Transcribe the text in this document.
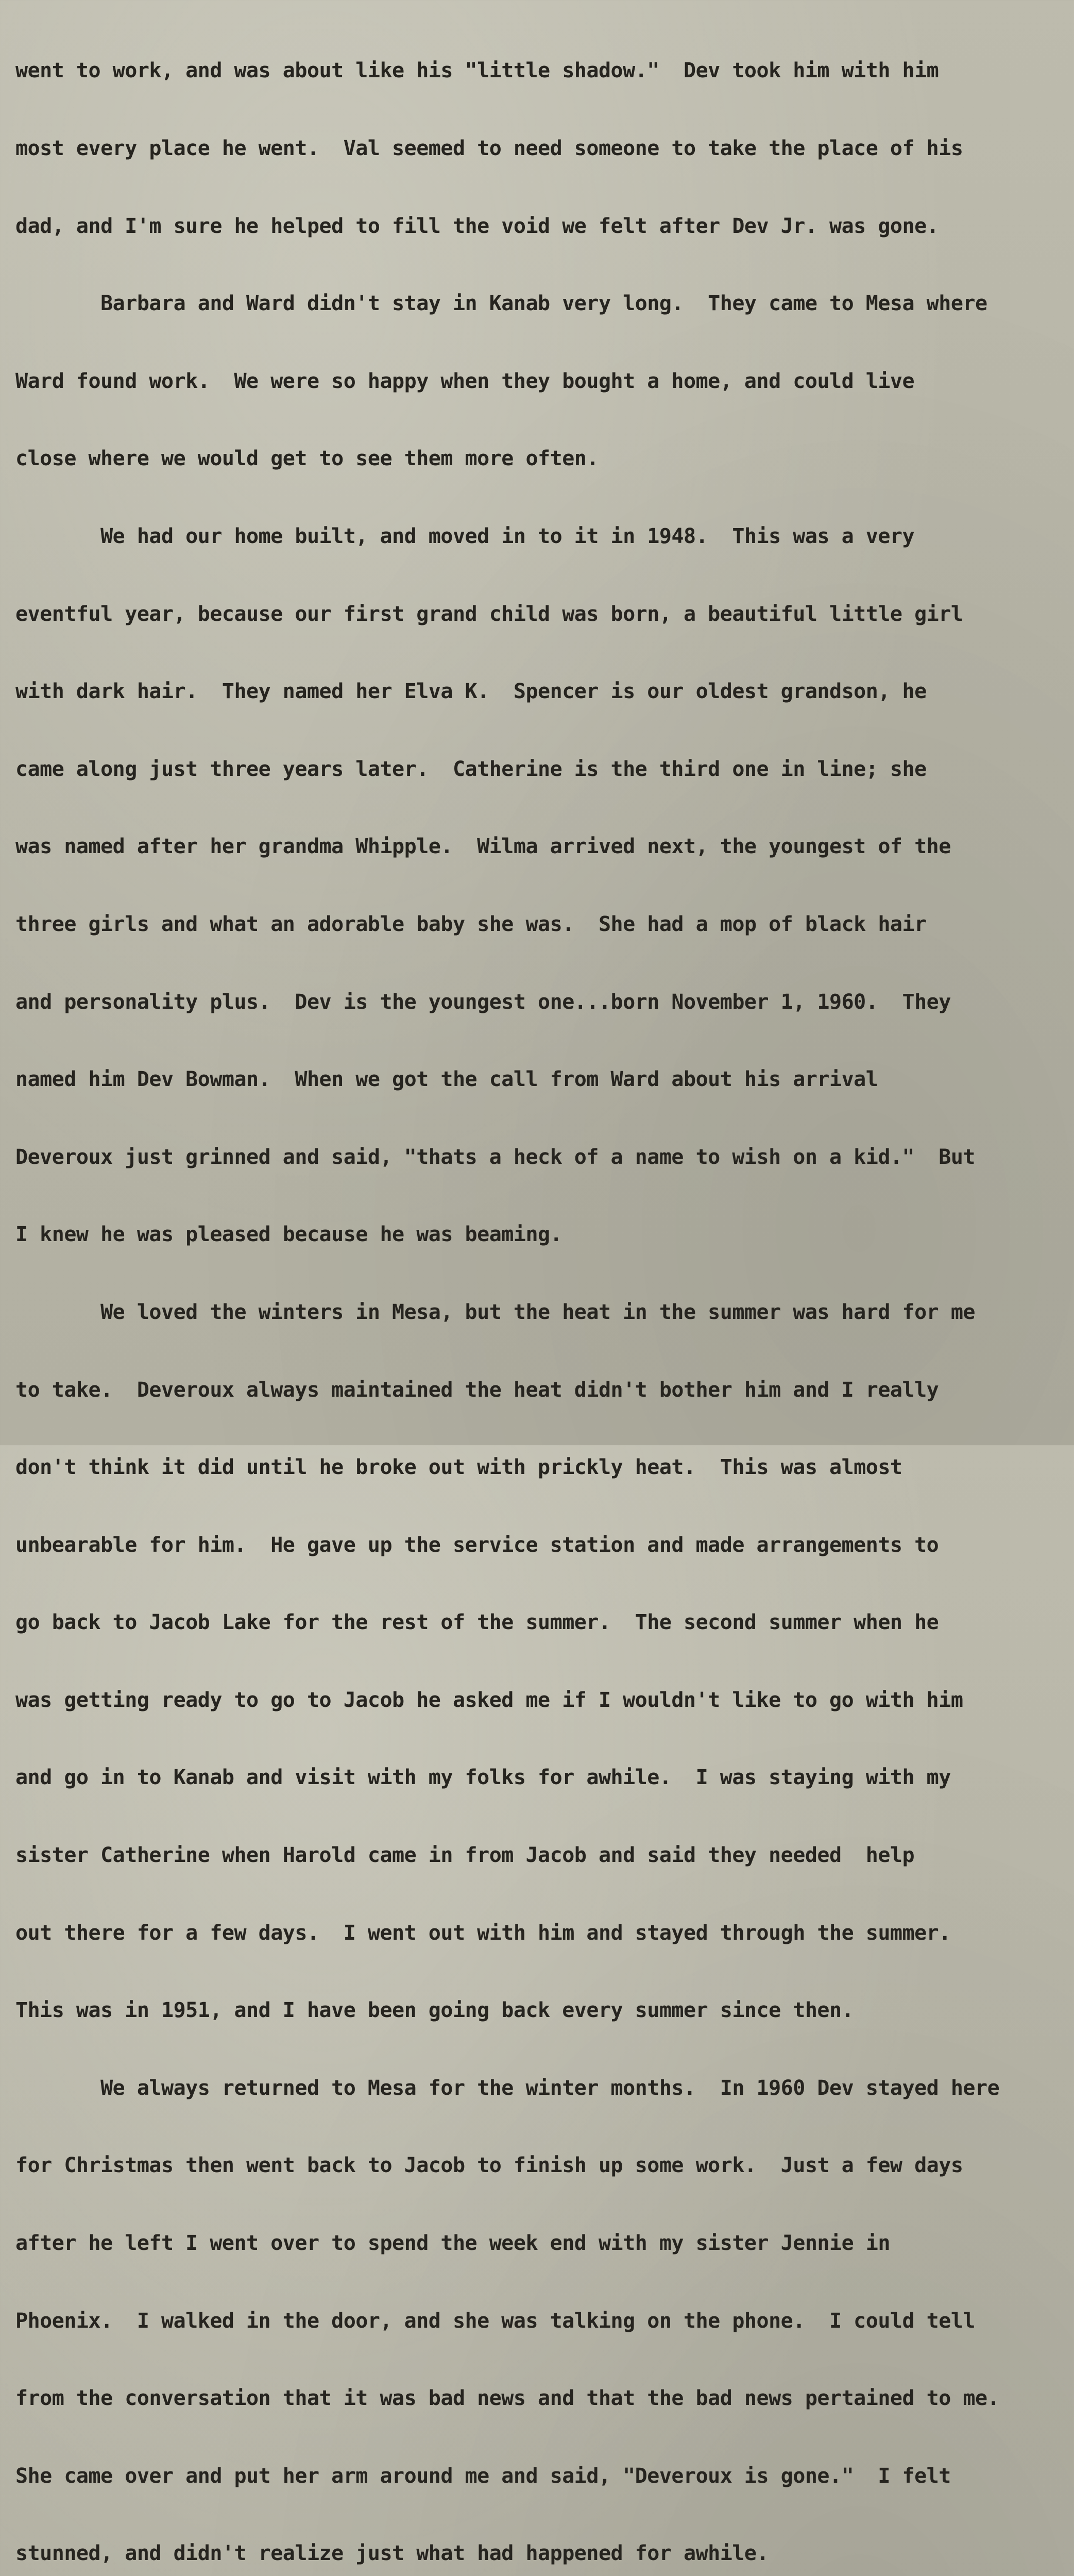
went to work, and was about like his "little shadow."  Dev took him with him

most every place he went.  Val seemed to need someone to take the place of his

dad, and I'm sure he helped to fill the void we felt after Dev Jr. was gone.

Barbara and Ward didn't stay in Kanab very long.  They came to Mesa where

Ward found work.  We were so happy when they bought a home, and could live

close where we would get to see them more often.

We had our home built, and moved in to it in 1948.  This was a very

eventful year, because our first grand child was born, a beautiful little girl

with dark hair.  They named her Elva K.  Spencer is our oldest grandson, he

came along just three years later.  Catherine is the third one in line; she

was named after her grandma Whipple.  Wilma arrived next, the youngest of the

three girls and what an adorable baby she was.  She had a mop of black hair

and personality plus.  Dev is the youngest one...born November 1, 1960.  They

named him Dev Bowman.  When we got the call from Ward about his arrival

Deveroux just grinned and said, "thats a heck of a name to wish on a kid."  But

I knew he was pleased because he was beaming.

We loved the winters in Mesa, but the heat in the summer was hard for me

to take.  Deveroux always maintained the heat didn't bother him and I really

don't think it did until he broke out with prickly heat.  This was almost

unbearable for him.  He gave up the service station and made arrangements to

go back to Jacob Lake for the rest of the summer.  The second summer when he

was getting ready to go to Jacob he asked me if I wouldn't like to go with him

and go in to Kanab and visit with my folks for awhile.  I was staying with my

sister Catherine when Harold came in from Jacob and said they needed  help

out there for a few days.  I went out with him and stayed through the summer.

This was in 1951, and I have been going back every summer since then.

We always returned to Mesa for the winter months.  In 1960 Dev stayed here

for Christmas then went back to Jacob to finish up some work.  Just a few days

after he left I went over to spend the week end with my sister Jennie in

Phoenix.  I walked in the door, and she was talking on the phone.  I could tell

from the conversation that it was bad news and that the bad news pertained to me.

She came over and put her arm around me and said, "Deveroux is gone."  I felt

stunned, and didn't realize just what had happened for awhile.
